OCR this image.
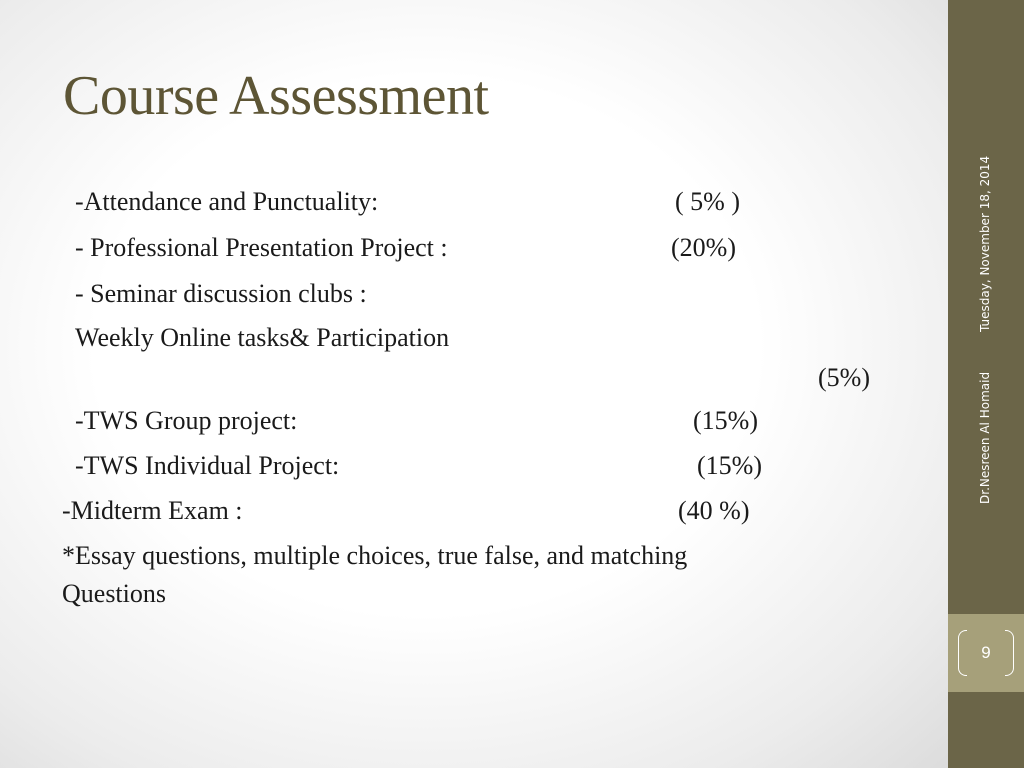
Course Assessment
-Attendance and Punctuality:	( 5% )
- Professional Presentation Project :	(20%)
- Seminar discussion clubs :
Weekly Online tasks& Participation
(5%)
-TWS Group project:	(15%)
-TWS Individual Project:	(15%)
-Midterm Exam :	(40 %)
*Essay questions, multiple choices, true false, and matching
Questions
Tuesday, November 18, 2014
Dr.Nesreen Al Homaid
9
